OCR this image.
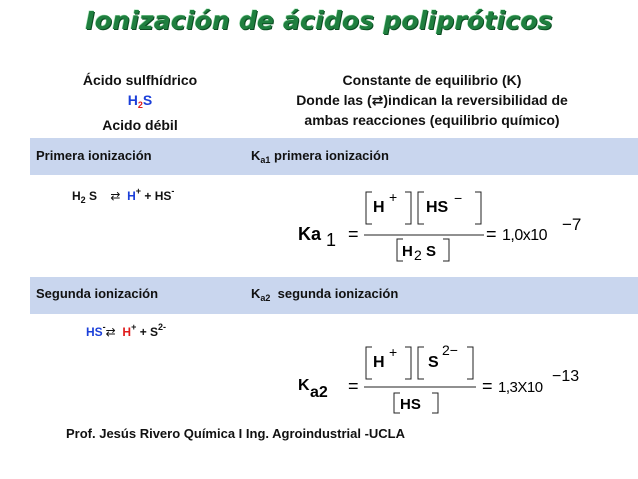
Ionización de ácidos polipróticos
Ácido sulfhídrico
$H_2S$
Acido débil
Constante de equilibrio (K)
Donde las (⇄)indican la reversibilidad de
ambas reacciones (equilibrio químico)
Primera ionización	$K_{a1}$ primera ionización
$H_2$ S ⇄ H+ + HS-
Ka 1 =
H
+
HS
−
H 2 S
= 1,0x10
−7
Segunda ionización	$K_{a2}$ segunda ionización
HS-⇄ $H^+ + S^{2-}$
K a2 =
H
+
S
2−
HS
= 1,3X10
−13
Prof. Jesús Rivero Química I Ing. Agroindustrial -UCLA
